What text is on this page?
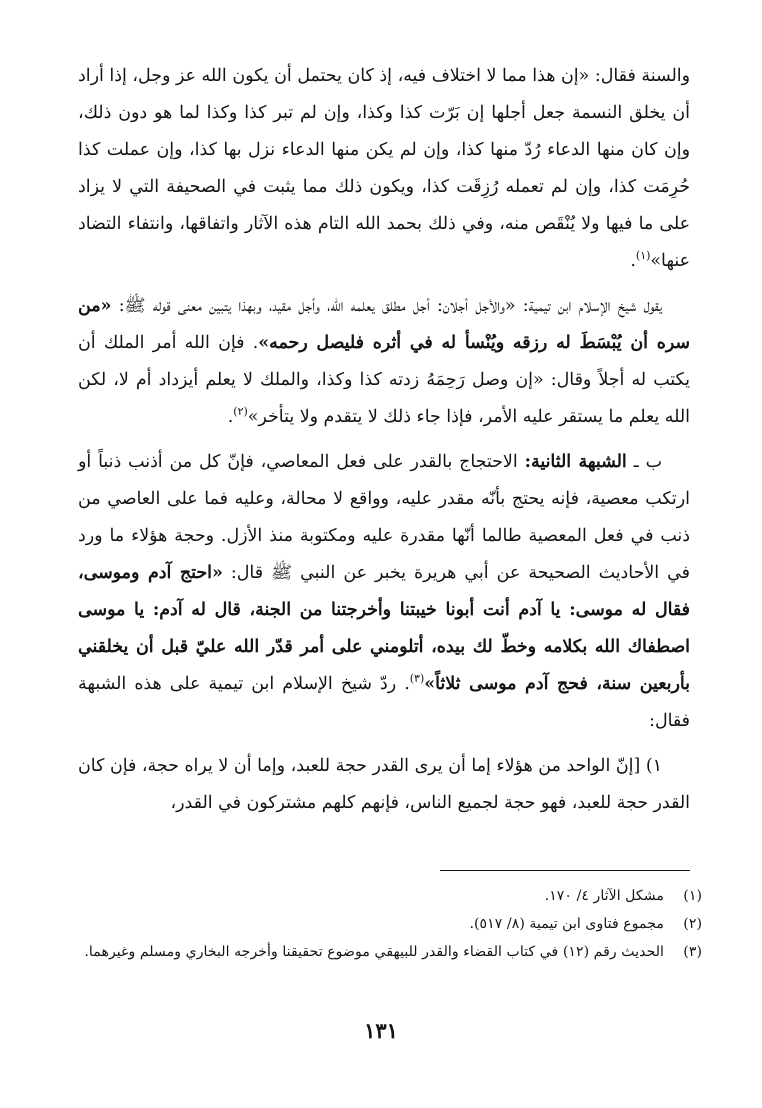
والسنة فقال: «إن هذا مما لا اختلاف فيه، إذ كان يحتمل أن يكون الله عز وجل، إذا أراد أن يخلق النسمة جعل أجلها إن بَرّت كذا وكذا، وإن لم تبر كذا وكذا لما هو دون ذلك، وإن كان منها الدعاء رُدّ منها كذا، وإن لم يكن منها الدعاء نزل بها كذا، وإن عملت كذا حُرِمَت كذا، وإن لم تعمله رُزِقَت كذا، ويكون ذلك مما يثبت في الصحيفة التي لا يزاد على ما فيها ولا يُنْقَص منه، وفي ذلك بحمد الله التام هذه الآثار واتفاقها، وانتفاء التضاد عنها»$^{(١)}$.

يقول شيخ الإسلام ابن تيمية: «والأجل أجلان: أجل مطلق يعلمه الله، وأجل مقيد، وبهذا يتبين معنى قوله ﷺ: «من سره أن يُبْسَطَ له رزقه ويُنْسأ له في أثره فليصل رحمه». فإن الله أمر الملك أن يكتب له أجلاً وقال: «إن وصل رَحِمَهُ زدته كذا وكذا، والملك لا يعلم أيزداد أم لا، لكن الله يعلم ما يستقر عليه الأمر، فإذا جاء ذلك لا يتقدم ولا يتأخر»$^{(٢)}$.

ب ـ الشبهة الثانية: الاحتجاج بالقدر على فعل المعاصي، فإنّ كل من أذنب ذنباً أو ارتكب معصية، فإنه يحتج بأنّه مقدر عليه، وواقع لا محالة، وعليه فما على العاصي من ذنب في فعل المعصية طالما أنّها مقدرة عليه ومكتوبة منذ الأزل. وحجة هؤلاء ما ورد في الأحاديث الصحيحة عن أبي هريرة يخبر عن النبي ﷺ قال: «احتج آدم وموسى، فقال له موسى: يا آدم أنت أبونا خيبتنا وأخرجتنا من الجنة، قال له آدم: يا موسى اصطفاك الله بكلامه وخطّ لك بيده، أتلومني على أمر قدّر الله عليّ قبل أن يخلقني بأربعين سنة، فحج آدم موسى ثلاثاً»$^{(٣)}$. ردّ شيخ الإسلام ابن تيمية على هذه الشبهة فقال:

١) [إنّ الواحد من هؤلاء إما أن يرى القدر حجة للعبد، وإما أن لا يراه حجة، فإن كان القدر حجة للعبد، فهو حجة لجميع الناس، فإنهم كلهم مشتركون في القدر،

(١)
مشكل الآثار ٤/ ١٧٠.

(٢)
مجموع فتاوى ابن تيمية (٨/ ٥١٧).

(٣)
الحديث رقم (١٢) في كتاب القضاء والقدر للبيهقي موضوع تحقيقنا وأخرجه البخاري ومسلم وغيرهما.

١٣١
